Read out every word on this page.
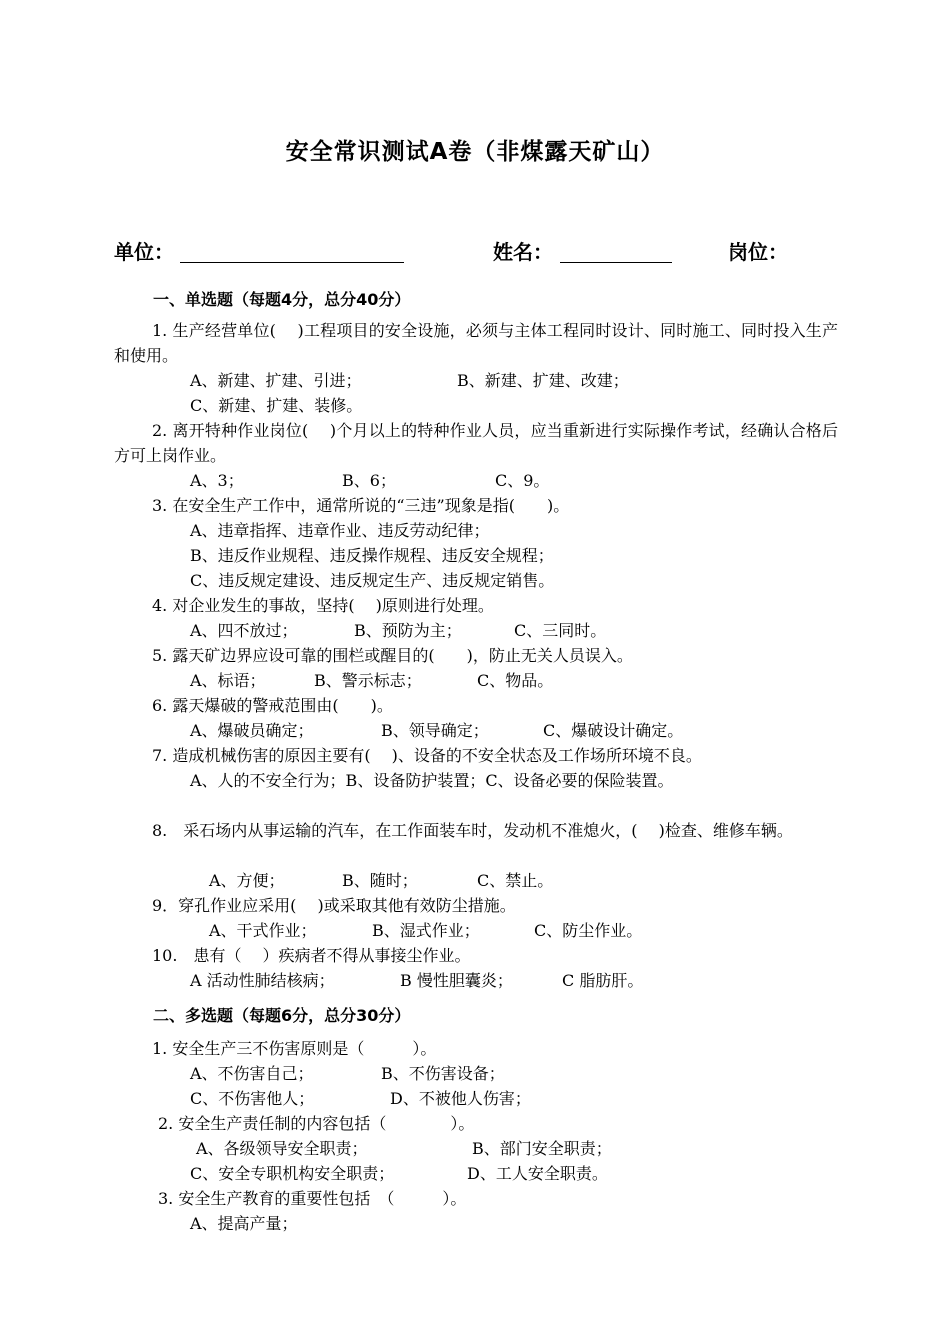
安全常识测试A卷（非煤露天矿山）
单位：	姓名：	岗位：
一、单选题（每题4分，总分40分）
1. 生产经营单位(　 )工程项目的安全设施，必须与主体工程同时设计、同时施工、同时投入生产和使用。
A、新建、扩建、引进；	B、新建、扩建、改建；
C、新建、扩建、装修。
2. 离开特种作业岗位(　 )个月以上的特种作业人员，应当重新进行实际操作考试，经确认合格后方可上岗作业。
A、3；	B、6；	C、9。
3. 在安全生产工作中，通常所说的“三违”现象是指(　　)。
A、违章指挥、违章作业、违反劳动纪律；
B、违反作业规程、违反操作规程、违反安全规程；
C、违反规定建设、违反规定生产、违反规定销售。
4. 对企业发生的事故，坚持(　 )原则进行处理。
A、四不放过；	B、预防为主；	C、三同时。
5. 露天矿边界应设可靠的围栏或醒目的(　　)，防止无关人员误入。
A、标语；	B、警示标志；	C、物品。
6. 露天爆破的警戒范围由(　　)。
A、爆破员确定；	B、领导确定；	C、爆破设计确定。
7. 造成机械伤害的原因主要有(　 )、设备的不安全状态及工作场所环境不良。
A、人的不安全行为；B、设备防护装置；C、设备必要的保险装置。
8.　采石场内从事运输的汽车，在工作面装车时，发动机不准熄火，(　 )检查、维修车辆。
A、方便；	B、随时；	C、禁止。
9．穿孔作业应采用(　 )或采取其他有效防尘措施。
A、干式作业；	B、湿式作业；	C、防尘作业。
10.　患有（　 ）疾病者不得从事接尘作业。
A 活动性肺结核病；	B 慢性胆囊炎；	C 脂肪肝。
二、多选题（每题6分，总分30分）
1. 安全生产三不伤害原则是（　　　）。
A、不伤害自己；	B、不伤害设备；
C、不伤害他人；	D、不被他人伤害；
2. 安全生产责任制的内容包括（　　　　）。
A、各级领导安全职责；	B、部门安全职责；
C、安全专职机构安全职责；	D、工人安全职责。
3. 安全生产教育的重要性包括　（　　　）。
A、提高产量；
